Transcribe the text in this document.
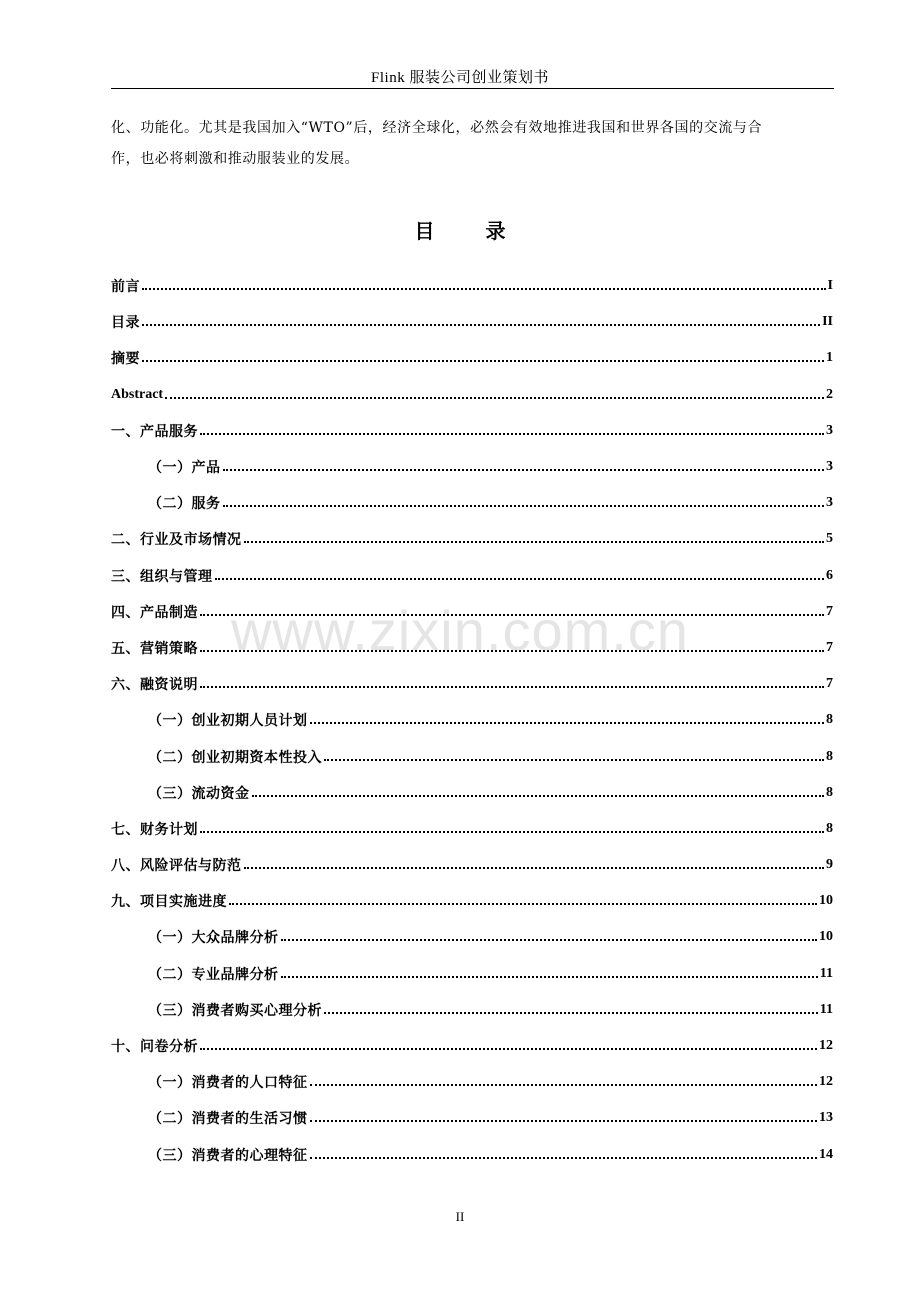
Flink 服装公司创业策划书
化、功能化。尤其是我国加入“WTO”后，经济全球化，必然会有效地推进我国和世界各国的交流与合
作，也必将刺激和推动服装业的发展。
目 录
前言	I
目录	II
摘要	1
Abstract	2
一、产品服务	3
（一）产品	3
（二）服务	3
二、行业及市场情况	5
三、组织与管理	6
四、产品制造	7
五、营销策略	7
六、融资说明	7
（一）创业初期人员计划	8
（二）创业初期资本性投入	8
（三）流动资金	8
七、财务计划	8
八、风险评估与防范	9
九、项目实施进度	10
（一）大众品牌分析	10
（二）专业品牌分析	11
（三）消费者购买心理分析	11
十、问卷分析	12
（一）消费者的人口特征	12
（二）消费者的生活习惯	13
（三）消费者的心理特征	14
www.zixin.com.cn
II
